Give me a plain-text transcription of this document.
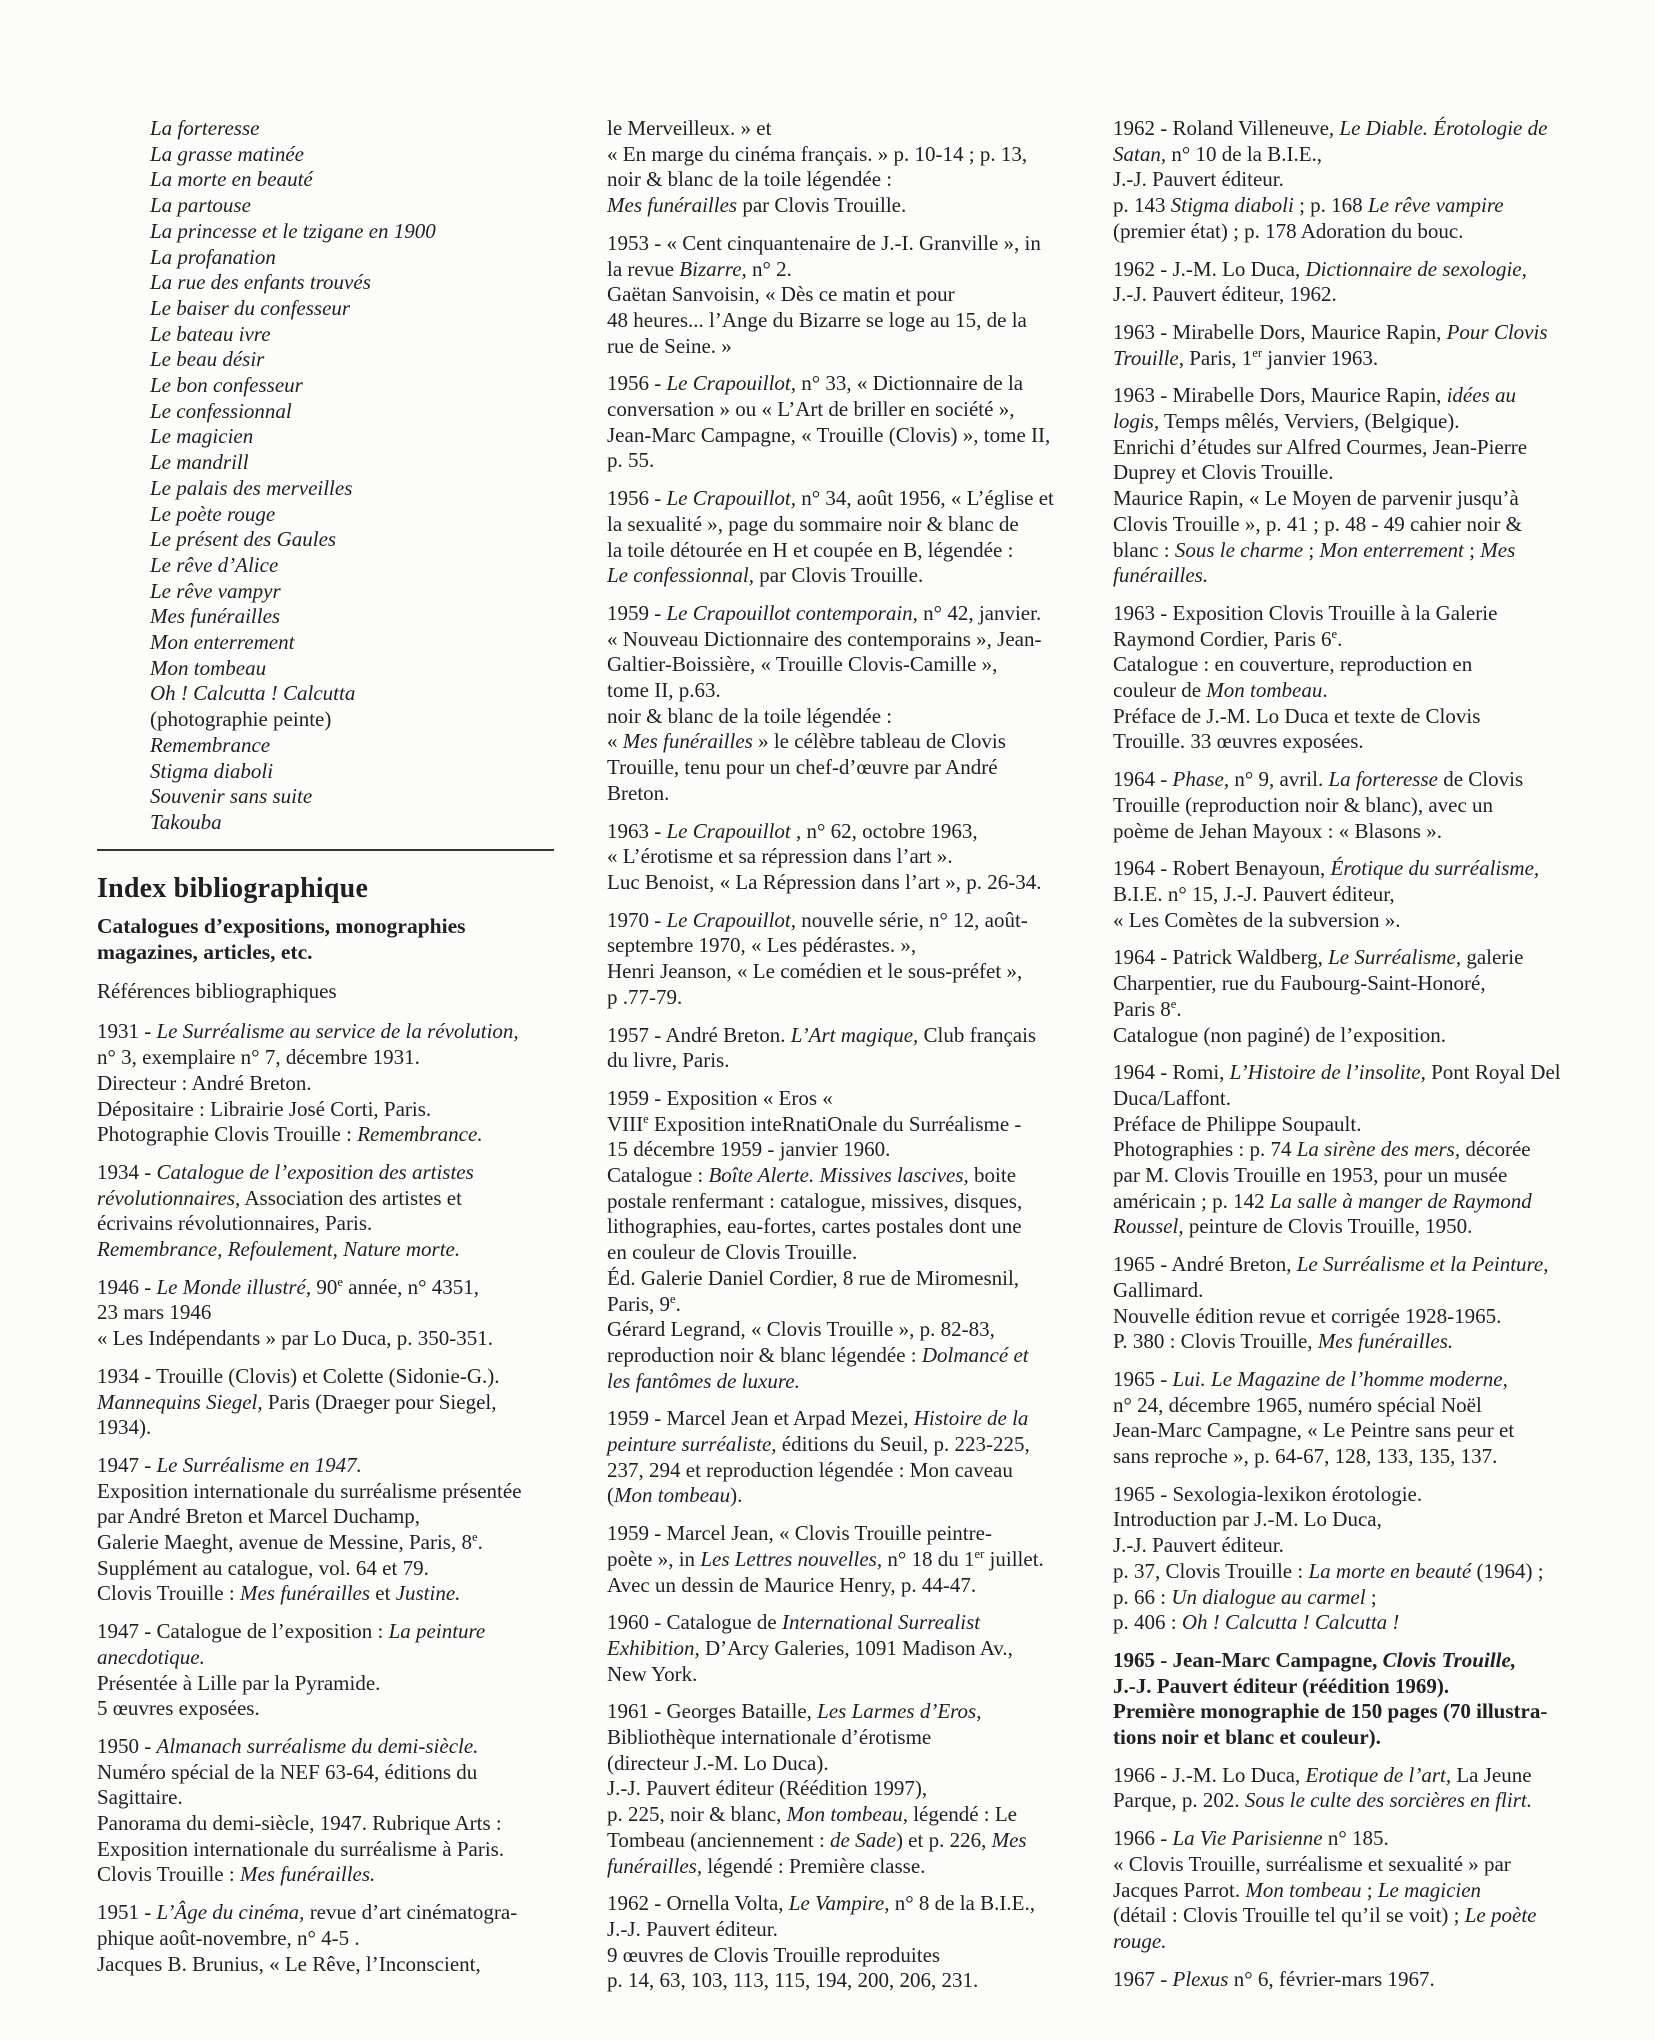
La forteresse
La grasse matinée
La morte en beauté
La partouse
La princesse et le tzigane en 1900
La profanation
La rue des enfants trouvés
Le baiser du confesseur
Le bateau ivre
Le beau désir
Le bon confesseur
Le confessionnal
Le magicien
Le mandrill
Le palais des merveilles
Le poète rouge
Le présent des Gaules
Le rêve d’Alice
Le rêve vampyr
Mes funérailles
Mon enterrement
Mon tombeau
Oh ! Calcutta ! Calcutta
(photographie peinte)
Remembrance
Stigma diaboli
Souvenir sans suite
Takouba
Index bibliographique
Catalogues d’expositions, monographies
magazines, articles, etc.
Références bibliographiques
1931 - Le Surréalisme au service de la révolution,
n° 3, exemplaire n° 7, décembre 1931.
Directeur : André Breton.
Dépositaire : Librairie José Corti, Paris.
Photographie Clovis Trouille : Remembrance.
1934 - Catalogue de l’exposition des artistes
révolutionnaires, Association des artistes et
écrivains révolutionnaires, Paris.
Remembrance, Refoulement, Nature morte.
1946 - Le Monde illustré, 90e année, n° 4351,
23 mars 1946
« Les Indépendants » par Lo Duca, p. 350-351.
1934 - Trouille (Clovis) et Colette (Sidonie-G.).
Mannequins Siegel, Paris (Draeger pour Siegel,
1934).
1947 - Le Surréalisme en 1947.
Exposition internationale du surréalisme présentée
par André Breton et Marcel Duchamp,
Galerie Maeght, avenue de Messine, Paris, 8e.
Supplément au catalogue, vol. 64 et 79.
Clovis Trouille : Mes funérailles et Justine.
1947 - Catalogue de l’exposition : La peinture
anecdotique.
Présentée à Lille par la Pyramide.
5 œuvres exposées.
1950 - Almanach surréalisme du demi-siècle.
Numéro spécial de la NEF 63-64, éditions du
Sagittaire.
Panorama du demi-siècle, 1947. Rubrique Arts :
Exposition internationale du surréalisme à Paris.
Clovis Trouille : Mes funérailles.
1951 - L’Âge du cinéma, revue d’art cinématogra-
phique août-novembre, n° 4-5 .
Jacques B. Brunius, « Le Rêve, l’Inconscient,
le Merveilleux. » et
« En marge du cinéma français. » p. 10-14 ; p. 13,
noir & blanc de la toile légendée :
Mes funérailles par Clovis Trouille.
1953 - « Cent cinquantenaire de J.-I. Granville », in
la revue Bizarre, n° 2.
Gaëtan Sanvoisin, « Dès ce matin et pour
48 heures... l’Ange du Bizarre se loge au 15, de la
rue de Seine. »
1956 - Le Crapouillot, n° 33, « Dictionnaire de la
conversation » ou « L’Art de briller en société »,
Jean-Marc Campagne, « Trouille (Clovis) », tome II,
p. 55.
1956 - Le Crapouillot, n° 34, août 1956, « L’église et
la sexualité », page du sommaire noir & blanc de
la toile détourée en H et coupée en B, légendée :
Le confessionnal, par Clovis Trouille.
1959 - Le Crapouillot contemporain, n° 42, janvier.
« Nouveau Dictionnaire des contemporains », Jean-
Galtier-Boissière, « Trouille Clovis-Camille »,
tome II, p.63.
noir & blanc de la toile légendée :
« Mes funérailles » le célèbre tableau de Clovis
Trouille, tenu pour un chef-d’œuvre par André
Breton.
1963 - Le Crapouillot , n° 62, octobre 1963,
« L’érotisme et sa répression dans l’art ».
Luc Benoist, « La Répression dans l’art », p. 26-34.
1970 - Le Crapouillot, nouvelle série, n° 12, août-
septembre 1970, « Les pédérastes. »,
Henri Jeanson, « Le comédien et le sous-préfet »,
p .77-79.
1957 - André Breton. L’Art magique, Club français
du livre, Paris.
1959 - Exposition « Eros «
VIIIe Exposition inteRnatiOnale du Surréalisme -
15 décembre 1959 - janvier 1960.
Catalogue : Boîte Alerte. Missives lascives, boite
postale renfermant : catalogue, missives, disques,
lithographies, eau-fortes, cartes postales dont une
en couleur de Clovis Trouille.
Éd. Galerie Daniel Cordier, 8 rue de Miromesnil,
Paris, 9e.
Gérard Legrand, « Clovis Trouille », p. 82-83,
reproduction noir & blanc légendée : Dolmancé et
les fantômes de luxure.
1959 - Marcel Jean et Arpad Mezei, Histoire de la
peinture surréaliste, éditions du Seuil, p. 223-225,
237, 294 et reproduction légendée : Mon caveau
(Mon tombeau).
1959 - Marcel Jean, « Clovis Trouille peintre-
poète », in Les Lettres nouvelles, n° 18 du 1er juillet.
Avec un dessin de Maurice Henry, p. 44-47.
1960 - Catalogue de International Surrealist
Exhibition, D’Arcy Galeries, 1091 Madison Av.,
New York.
1961 - Georges Bataille, Les Larmes d’Eros,
Bibliothèque internationale d’érotisme
(directeur J.-M. Lo Duca).
J.-J. Pauvert éditeur (Réédition 1997),
p. 225, noir & blanc, Mon tombeau, légendé : Le
Tombeau (anciennement : de Sade) et p. 226, Mes
funérailles, légendé : Première classe.
1962 - Ornella Volta, Le Vampire, n° 8 de la B.I.E.,
J.-J. Pauvert éditeur.
9 œuvres de Clovis Trouille reproduites
p. 14, 63, 103, 113, 115, 194, 200, 206, 231.
1962 - Roland Villeneuve, Le Diable. Érotologie de
Satan, n° 10 de la B.I.E.,
J.-J. Pauvert éditeur.
p. 143 Stigma diaboli ; p. 168 Le rêve vampire
(premier état) ; p. 178 Adoration du bouc.
1962 - J.-M. Lo Duca, Dictionnaire de sexologie,
J.-J. Pauvert éditeur, 1962.
1963 - Mirabelle Dors, Maurice Rapin, Pour Clovis
Trouille, Paris, 1er janvier 1963.
1963 - Mirabelle Dors, Maurice Rapin, idées au
logis, Temps mêlés, Verviers, (Belgique).
Enrichi d’études sur Alfred Courmes, Jean-Pierre
Duprey et Clovis Trouille.
Maurice Rapin, « Le Moyen de parvenir jusqu’à
Clovis Trouille », p. 41 ; p. 48 - 49 cahier noir &
blanc : Sous le charme ; Mon enterrement ; Mes
funérailles.
1963 - Exposition Clovis Trouille à la Galerie
Raymond Cordier, Paris 6e.
Catalogue : en couverture, reproduction en
couleur de Mon tombeau.
Préface de J.-M. Lo Duca et texte de Clovis
Trouille. 33 œuvres exposées.
1964 - Phase, n° 9, avril. La forteresse de Clovis
Trouille (reproduction noir & blanc), avec un
poème de Jehan Mayoux : « Blasons ».
1964 - Robert Benayoun, Érotique du surréalisme,
B.I.E. n° 15, J.-J. Pauvert éditeur,
« Les Comètes de la subversion ».
1964 - Patrick Waldberg, Le Surréalisme, galerie
Charpentier, rue du Faubourg-Saint-Honoré,
Paris 8e.
Catalogue (non paginé) de l’exposition.
1964 - Romi, L’Histoire de l’insolite, Pont Royal Del
Duca/Laffont.
Préface de Philippe Soupault.
Photographies : p. 74 La sirène des mers, décorée
par M. Clovis Trouille en 1953, pour un musée
américain ; p. 142 La salle à manger de Raymond
Roussel, peinture de Clovis Trouille, 1950.
1965 - André Breton, Le Surréalisme et la Peinture,
Gallimard.
Nouvelle édition revue et corrigée 1928-1965.
P. 380 : Clovis Trouille, Mes funérailles.
1965 - Lui. Le Magazine de l’homme moderne,
n° 24, décembre 1965, numéro spécial Noël
Jean-Marc Campagne, « Le Peintre sans peur et
sans reproche », p. 64-67, 128, 133, 135, 137.
1965 - Sexologia-lexikon érotologie.
Introduction par J.-M. Lo Duca,
J.-J. Pauvert éditeur.
p. 37, Clovis Trouille : La morte en beauté (1964) ;
p. 66 : Un dialogue au carmel ;
p. 406 : Oh ! Calcutta ! Calcutta !
1965 - Jean-Marc Campagne, Clovis Trouille,
J.-J. Pauvert éditeur (réédition 1969).
Première monographie de 150 pages (70 illustra-
tions noir et blanc et couleur).
1966 - J.-M. Lo Duca, Erotique de l’art, La Jeune
Parque, p. 202. Sous le culte des sorcières en flirt.
1966 - La Vie Parisienne n° 185.
« Clovis Trouille, surréalisme et sexualité » par
Jacques Parrot. Mon tombeau ; Le magicien
(détail : Clovis Trouille tel qu’il se voit) ; Le poète
rouge.
1967 - Plexus n° 6, février-mars 1967.
